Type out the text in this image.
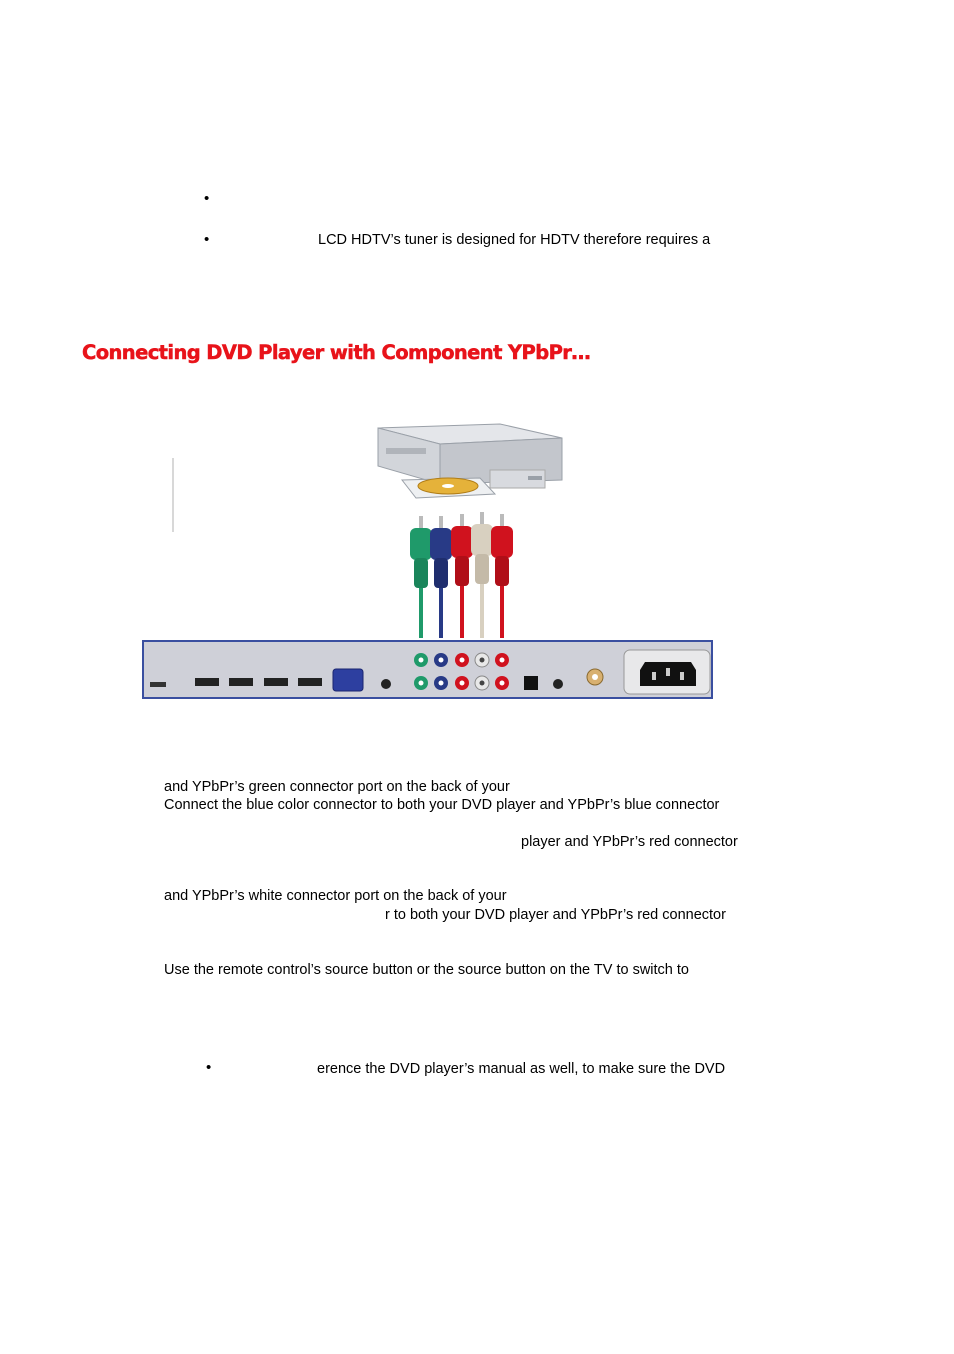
•
•	LCD HDTV’s tuner is designed for HDTV therefore requires a
Connecting DVD Player with Component YPbPr…
and YPbPr’s green connector port on the back of your
Connect the blue color connector to both your DVD player and YPbPr’s blue connector
player and YPbPr’s red connector
and YPbPr’s white connector port on the back of your
r to both your DVD player and YPbPr’s red connector
Use the remote control’s source button or the source button on the TV to switch to
•	erence the DVD player’s manual as well, to make sure the DVD
